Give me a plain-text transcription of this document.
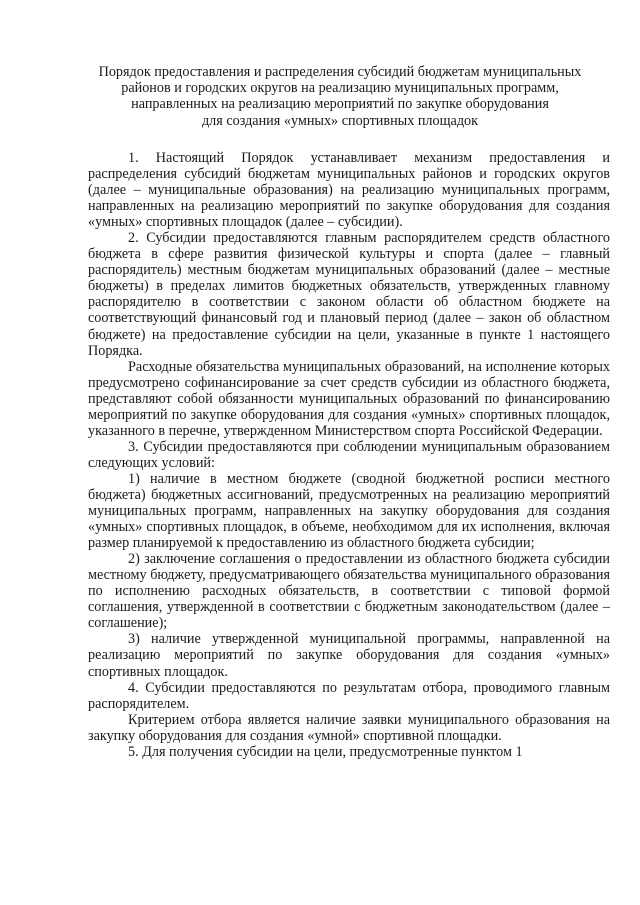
Порядок предоставления и распределения субсидий бюджетам муниципальных
районов и городских округов на реализацию муниципальных программ,
направленных на реализацию мероприятий по закупке оборудования
для создания «умных» спортивных площадок

1. Настоящий Порядок устанавливает механизм предоставления и распределения субсидий бюджетам муниципальных районов и городских округов (далее – муниципальные образования) на реализацию муниципальных программ, направленных на реализацию мероприятий по закупке оборудования для создания «умных» спортивных площадок (далее – субсидии).

2. Субсидии предоставляются главным распорядителем средств областного бюджета в сфере развития физической культуры и спорта (далее – главный распорядитель) местным бюджетам муниципальных образований (далее – местные бюджеты) в пределах лимитов бюджетных обязательств, утвержденных главному распорядителю в соответствии с законом области об областном бюджете на соответствующий финансовый год и плановый период (далее – закон об областном бюджете) на предоставление субсидии на цели, указанные в пункте 1 настоящего Порядка.

Расходные обязательства муниципальных образований, на исполнение которых предусмотрено софинансирование за счет средств субсидии из областного бюджета, представляют собой обязанности муниципальных образований по финансированию мероприятий по закупке оборудования для создания «умных» спортивных площадок, указанного в перечне, утвержденном Министерством спорта Российской Федерации.

3. Субсидии предоставляются при соблюдении муниципальным образованием следующих условий:

1) наличие в местном бюджете (сводной бюджетной росписи местного бюджета) бюджетных ассигнований, предусмотренных на реализацию мероприятий муниципальных программ, направленных на закупку оборудования для создания «умных» спортивных площадок, в объеме, необходимом для их исполнения, включая размер планируемой к предоставлению из областного бюджета субсидии;

2) заключение соглашения о предоставлении из областного бюджета субсидии местному бюджету, предусматривающего обязательства муниципального образования по исполнению расходных обязательств, в соответствии с типовой формой соглашения, утвержденной в соответствии с бюджетным законодательством (далее – соглашение);

3) наличие утвержденной муниципальной программы, направленной на реализацию мероприятий по закупке оборудования для создания «умных» спортивных площадок.

4. Субсидии предоставляются по результатам отбора, проводимого главным распорядителем.

Критерием отбора является наличие заявки муниципального образования на закупку оборудования для создания «умной» спортивной площадки.

5. Для получения субсидии на цели, предусмотренные пунктом 1
